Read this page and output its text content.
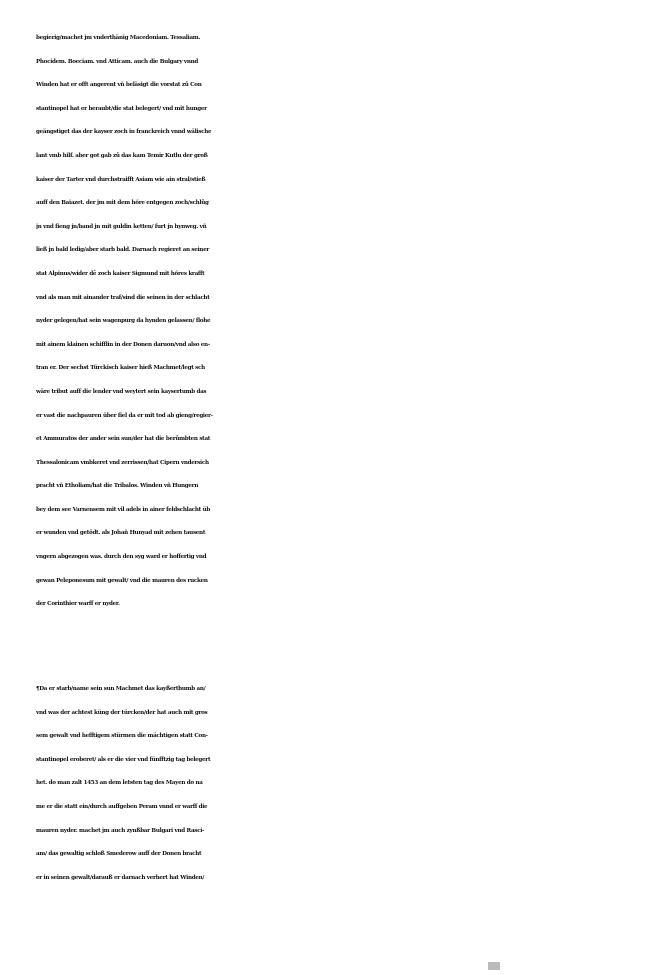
begierig/machet jm vnderthänig Macedoniam. Tessaliam.
Phocidem. Boeciam. vnd Atticam. auch die Bulgary vnnd
Winden hat er offt angerent vñ beläsigt die vorstat zů Con
stantinopel hat er beraubt/die stat belegert/ vnd mit hunger
geängstiget das der kayser zoch in franckreich vnnd wälische
lant vmb hilf. aber got gab zů das kam Temir Kutlu der groß
kaiser der Tarter vnd durchstraifft Asiam wie ain stral/stieß
auff den Baiazet. der jm mit dem hőre entgegen zoch/schlůg
jn vnd fieng jn/band jn mit guldin ketten/ furt jn hynweg. vñ
ließ jn bald ledig/aber starb bald. Darnach regieret an seiner
stat Alpinus/wider dē zoch kaiser Sigmund mit hőres krafft
vnd als man mit ainander traf/sind die seinen in der schlacht
nyder gelegen/hat sein wagenpurg da hynden gelassen/ flohe
mit ainem klainen schifflin in der Donen daruon/vnd also en-
tran er. Der sechst Türckisch kaiser hieß Machmet/legt sch
wäre tribut auff die lender vnd weytert sein kaysertumb das
er vast die nachpauren über fiel da er mit tod ab gieng/regier-
et Ammuratos der ander sein sun/der hat die berůmbten stat
Thessalonicam vmbkeret vnd zerrissen/hat Cipern vndersich
pracht vñ Etholiam/hat die Tribalos. Winden vñ Hungern
bey dem see Varnensem mit vil adels in ainer feldschlacht üb
er wunden vnd getődt. als Johañ Hunyad mit zehen tausent
vngern abgezogen was. durch den syg ward er hoffertig vnd
gewan Peleponesum mit gewalt/ vnd die mauren des rucken
der Corinthier warff er nyder.
¶Da er starb/name sein sun Machmet das kayßerthumb an/
vnd was der achtest küng der türcken/der hat auch mit gros
sem gewalt vnd hefftigem stürmen die mächtigen statt Con-
stantinopel eroberet/ als er die vier vnd fünfftzig tag belegert
het. do man zalt 1453 an dem letsten tag des Mayen do na
me er die statt ein/durch auffgeben Peram vnnd er warff die
mauren nyder. machet jm auch zynßbar Bulgari vnd Rasci-
am/ das gewaltig schloß Smederow auff der Donen bracht
er in seinen gewalt/darauß er darnach verhert hat Winden/
